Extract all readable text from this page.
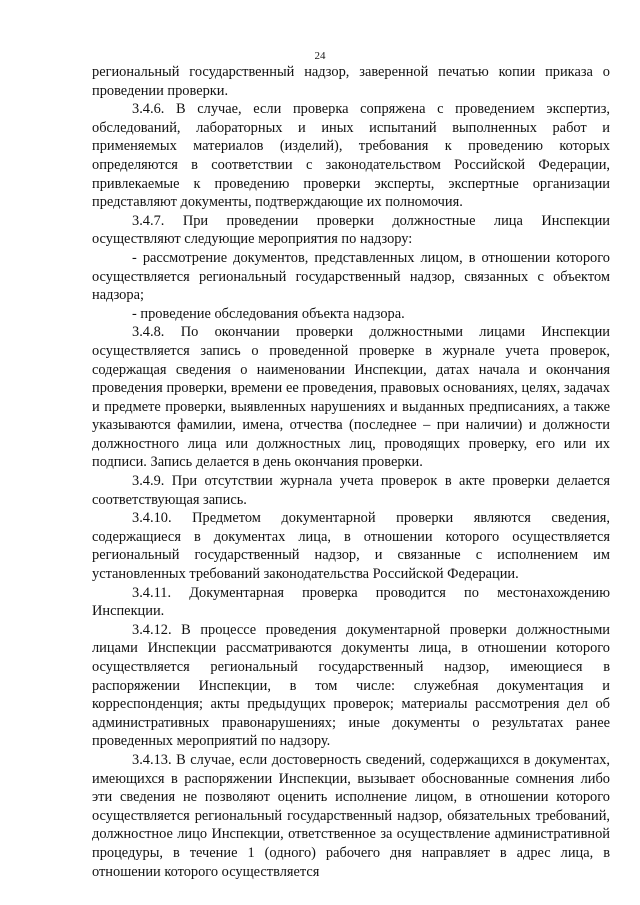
24

региональный государственный надзор, заверенной печатью копии приказа о проведении проверки.

3.4.6. В случае, если проверка сопряжена с проведением экспертиз, обследований, лабораторных и иных испытаний выполненных работ и применяемых материалов (изделий), требования к проведению которых определяются в соответствии с законодательством Российской Федерации, привлекаемые к проведению проверки эксперты, экспертные организации представляют документы, подтверждающие их полномочия.

3.4.7. При проведении проверки должностные лица Инспекции осуществляют следующие мероприятия по надзору:

- рассмотрение документов, представленных лицом, в отношении которого осуществляется региональный государственный надзор, связанных с объектом надзора;

- проведение обследования объекта надзора.

3.4.8. По окончании проверки должностными лицами Инспекции осуществляется запись о проведенной проверке в журнале учета проверок, содержащая сведения о наименовании Инспекции, датах начала и окончания проведения проверки, времени ее проведения, правовых основаниях, целях, задачах и предмете проверки, выявленных нарушениях и выданных предписаниях, а также указываются фамилии, имена, отчества (последнее – при наличии) и должности должностного лица или должностных лиц, проводящих проверку, его или их подписи. Запись делается в день окончания проверки.

3.4.9. При отсутствии журнала учета проверок в акте проверки делается соответствующая запись.

3.4.10. Предметом документарной проверки являются сведения, содержащиеся в документах лица, в отношении которого осуществляется региональный государственный надзор, и связанные с исполнением им установленных требований законодательства Российской Федерации.

3.4.11. Документарная проверка проводится по местонахождению Инспекции.

3.4.12. В процессе проведения документарной проверки должностными лицами Инспекции рассматриваются документы лица, в отношении которого осуществляется региональный государственный надзор, имеющиеся в распоряжении Инспекции, в том числе: служебная документация и корреспонденция; акты предыдущих проверок; материалы рассмотрения дел об административных правонарушениях; иные документы о результатах ранее проведенных мероприятий по надзору.

3.4.13. В случае, если достоверность сведений, содержащихся в документах, имеющихся в распоряжении Инспекции, вызывает обоснованные сомнения либо эти сведения не позволяют оценить исполнение лицом, в отношении которого осуществляется региональный государственный надзор, обязательных требований, должностное лицо Инспекции, ответственное за осуществление административной процедуры, в течение 1 (одного) рабочего дня направляет в адрес лица, в отношении которого осуществляется
